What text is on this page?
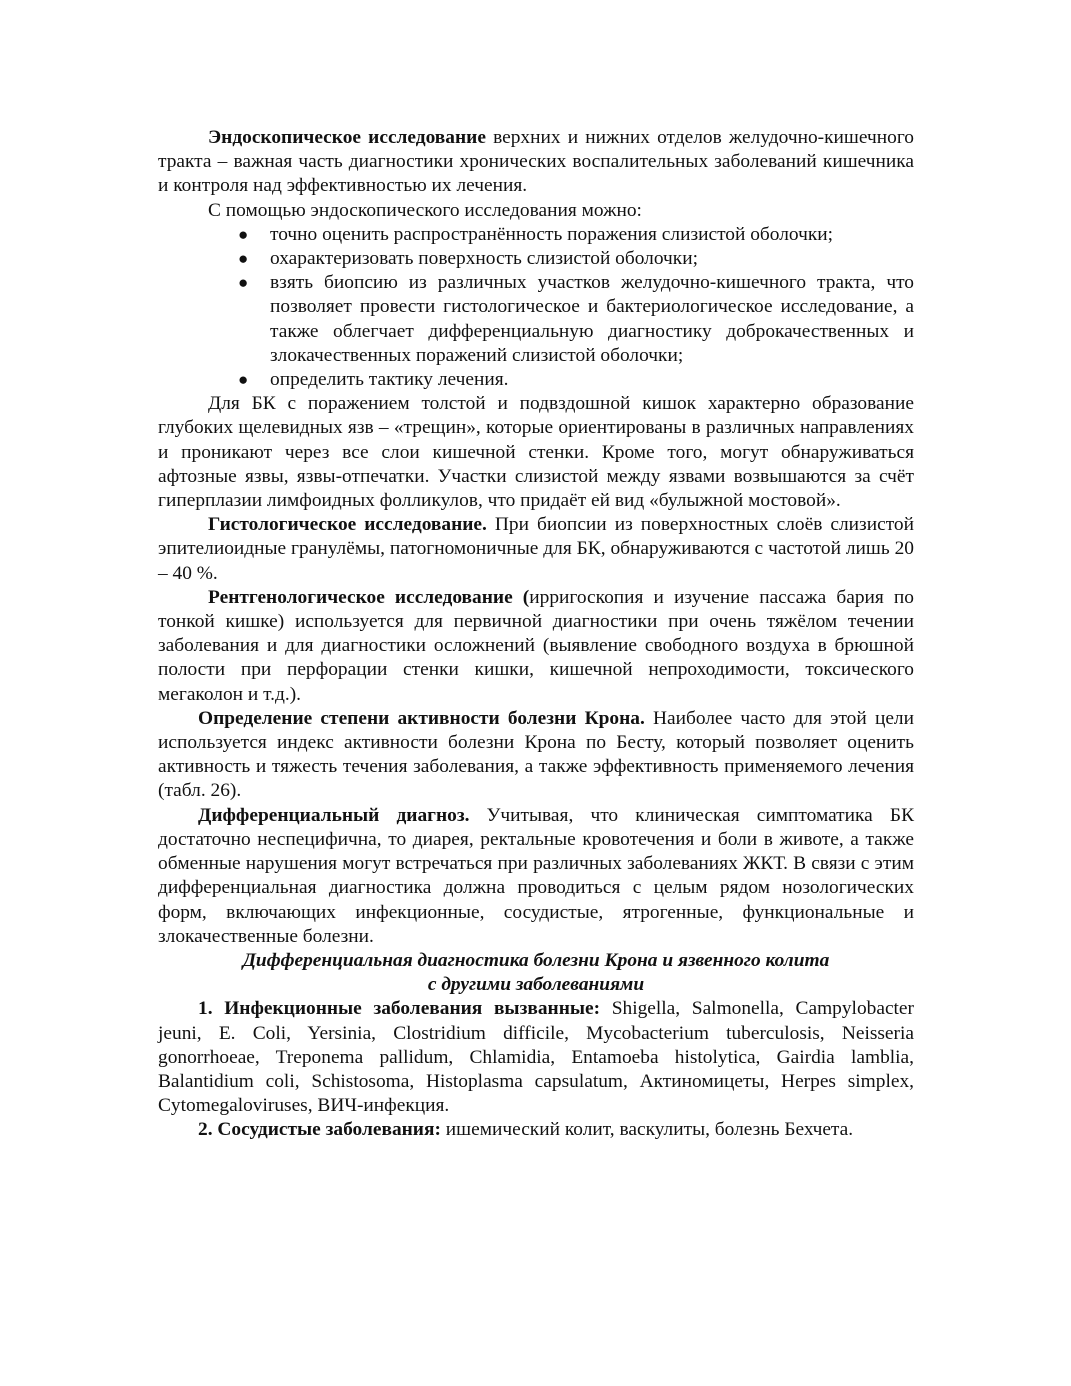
Эндоскопическое исследование верхних и нижних отделов желудочно-кишечного тракта – важная часть диагностики хронических воспалительных заболеваний кишечника и контроля над эффективностью их лечения.

С помощью эндоскопического исследования можно:

● точно оценить распространённость поражения слизистой оболочки;
● охарактеризовать поверхность слизистой оболочки;
● взять биопсию из различных участков желудочно-кишечного тракта, что позволяет провести гистологическое и бактериологическое исследование, а также облегчает дифференциальную диагностику доброкачественных и злокачественных поражений слизистой оболочки;
● определить тактику лечения.

Для БК с поражением толстой и подвздошной кишок характерно образование глубоких щелевидных язв – «трещин», которые ориентированы в различных направлениях и проникают через все слои кишечной стенки. Кроме того, могут обнаруживаться афтозные язвы, язвы-отпечатки. Участки слизистой между язвами возвышаются за счёт гиперплазии лимфоидных фолликулов, что придаёт ей вид «булыжной мостовой».

Гистологическое исследование. При биопсии из поверхностных слоёв слизистой эпителиоидные гранулёмы, патогномоничные для БК, обнаруживаются с частотой лишь 20 – 40 %.

Рентгенологическое исследование (ирригоскопия и изучение пассажа бария по тонкой кишке) используется для первичной диагностики при очень тяжёлом течении заболевания и для диагностики осложнений (выявление свободного воздуха в брюшной полости при перфорации стенки кишки, кишечной непроходимости, токсического мегаколон и т.д.).

Определение степени активности болезни Крона. Наиболее часто для этой цели используется индекс активности болезни Крона по Бесту, который позволяет оценить активность и тяжесть течения заболевания, а также эффективность применяемого лечения (табл. 26).

Дифференциальный диагноз. Учитывая, что клиническая симптоматика БК достаточно неспецифична, то диарея, ректальные кровотечения и боли в животе, а также обменные нарушения могут встречаться при различных заболеваниях ЖКТ. В связи с этим дифференциальная диагностика должна проводиться с целым рядом нозологических форм, включающих инфекционные, сосудистые, ятрогенные, функциональные и злокачественные болезни.

Дифференциальная диагностика болезни Крона и язвенного колита
с другими заболеваниями

1. Инфекционные заболевания вызванные: Shigella, Salmonella, Campylobacter jeuni, E. Coli, Yersinia, Clostridium difficile, Mycobacterium tuberculosis, Neisseria gonorrhoeae, Treponema pallidum, Chlamidia, Entamoeba histolytica, Gairdia lamblia, Balantidium coli, Schistosoma, Histoplasma capsulatum, Актиномицеты, Herpes simplex, Cytomegaloviruses, ВИЧ-инфекция.

2. Сосудистые заболевания: ишемический колит, васкулиты, болезнь Бехчета.
